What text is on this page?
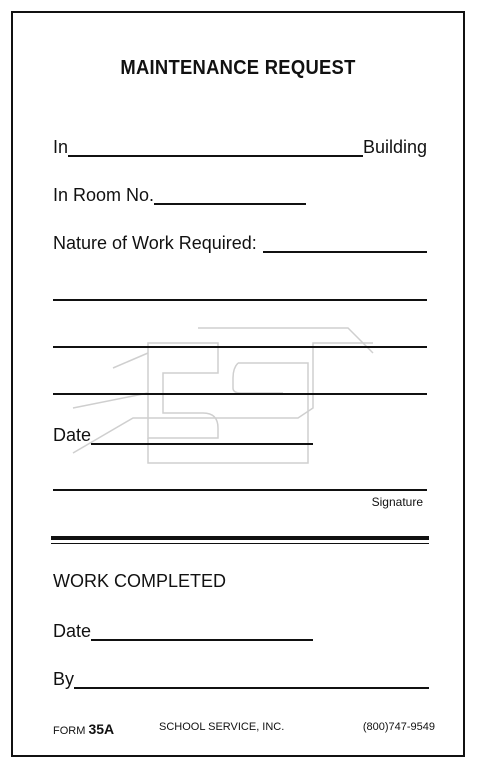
MAINTENANCE REQUEST
In	Building
In Room No.
Nature of Work Required:
Date
Signature
WORK COMPLETED
Date
By
FORM 35A	SCHOOL SERVICE, INC.	(800)747-9549
